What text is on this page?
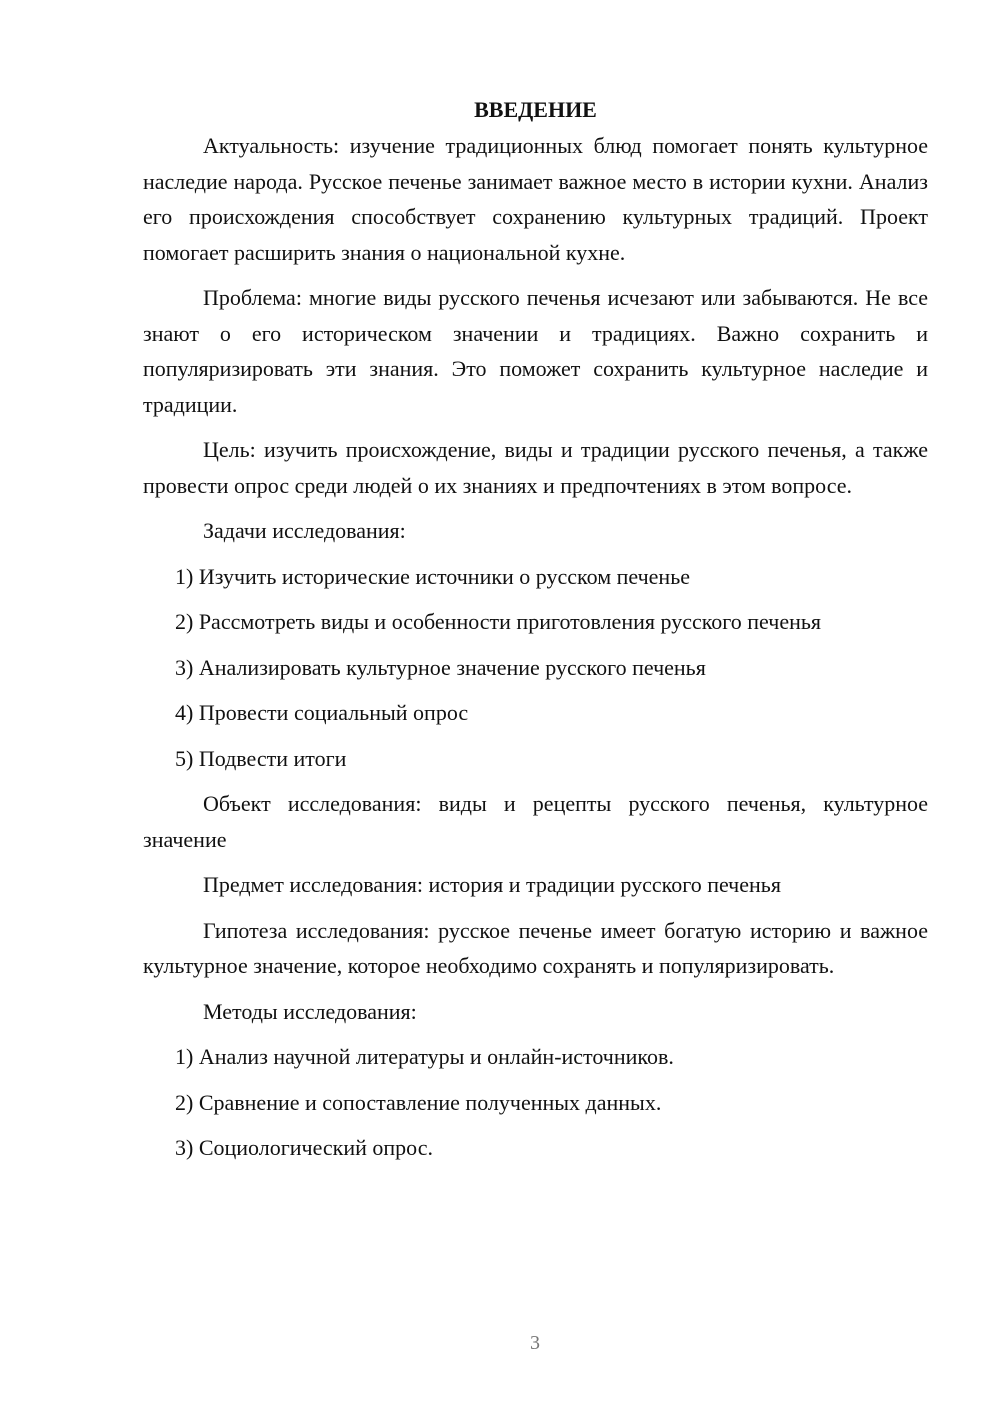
ВВЕДЕНИЕ

Актуальность: изучение традиционных блюд помогает понять культурное наследие народа. Русское печенье занимает важное место в истории кухни. Анализ его происхождения способствует сохранению культурных традиций. Проект помогает расширить знания о национальной кухне.

Проблема: многие виды русского печенья исчезают или забываются. Не все знают о его историческом значении и традициях. Важно сохранить и популяризировать эти знания. Это поможет сохранить культурное наследие и традиции.

Цель: изучить происхождение, виды и традиции русского печенья, а также провести опрос среди людей о их знаниях и предпочтениях в этом вопросе.

Задачи исследования:

1) Изучить исторические источники о русском печенье
2) Рассмотреть виды и особенности приготовления русского печенья
3) Анализировать культурное значение русского печенья
4) Провести социальный опрос
5) Подвести итоги

Объект исследования: виды и рецепты русского печенья, культурное значение

Предмет исследования: история и традиции русского печенья

Гипотеза исследования: русское печенье имеет богатую историю и важное культурное значение, которое необходимо сохранять и популяризировать.

Методы исследования:

1) Анализ научной литературы и онлайн-источников.
2) Сравнение и сопоставление полученных данных.
3) Социологический опрос.
3
